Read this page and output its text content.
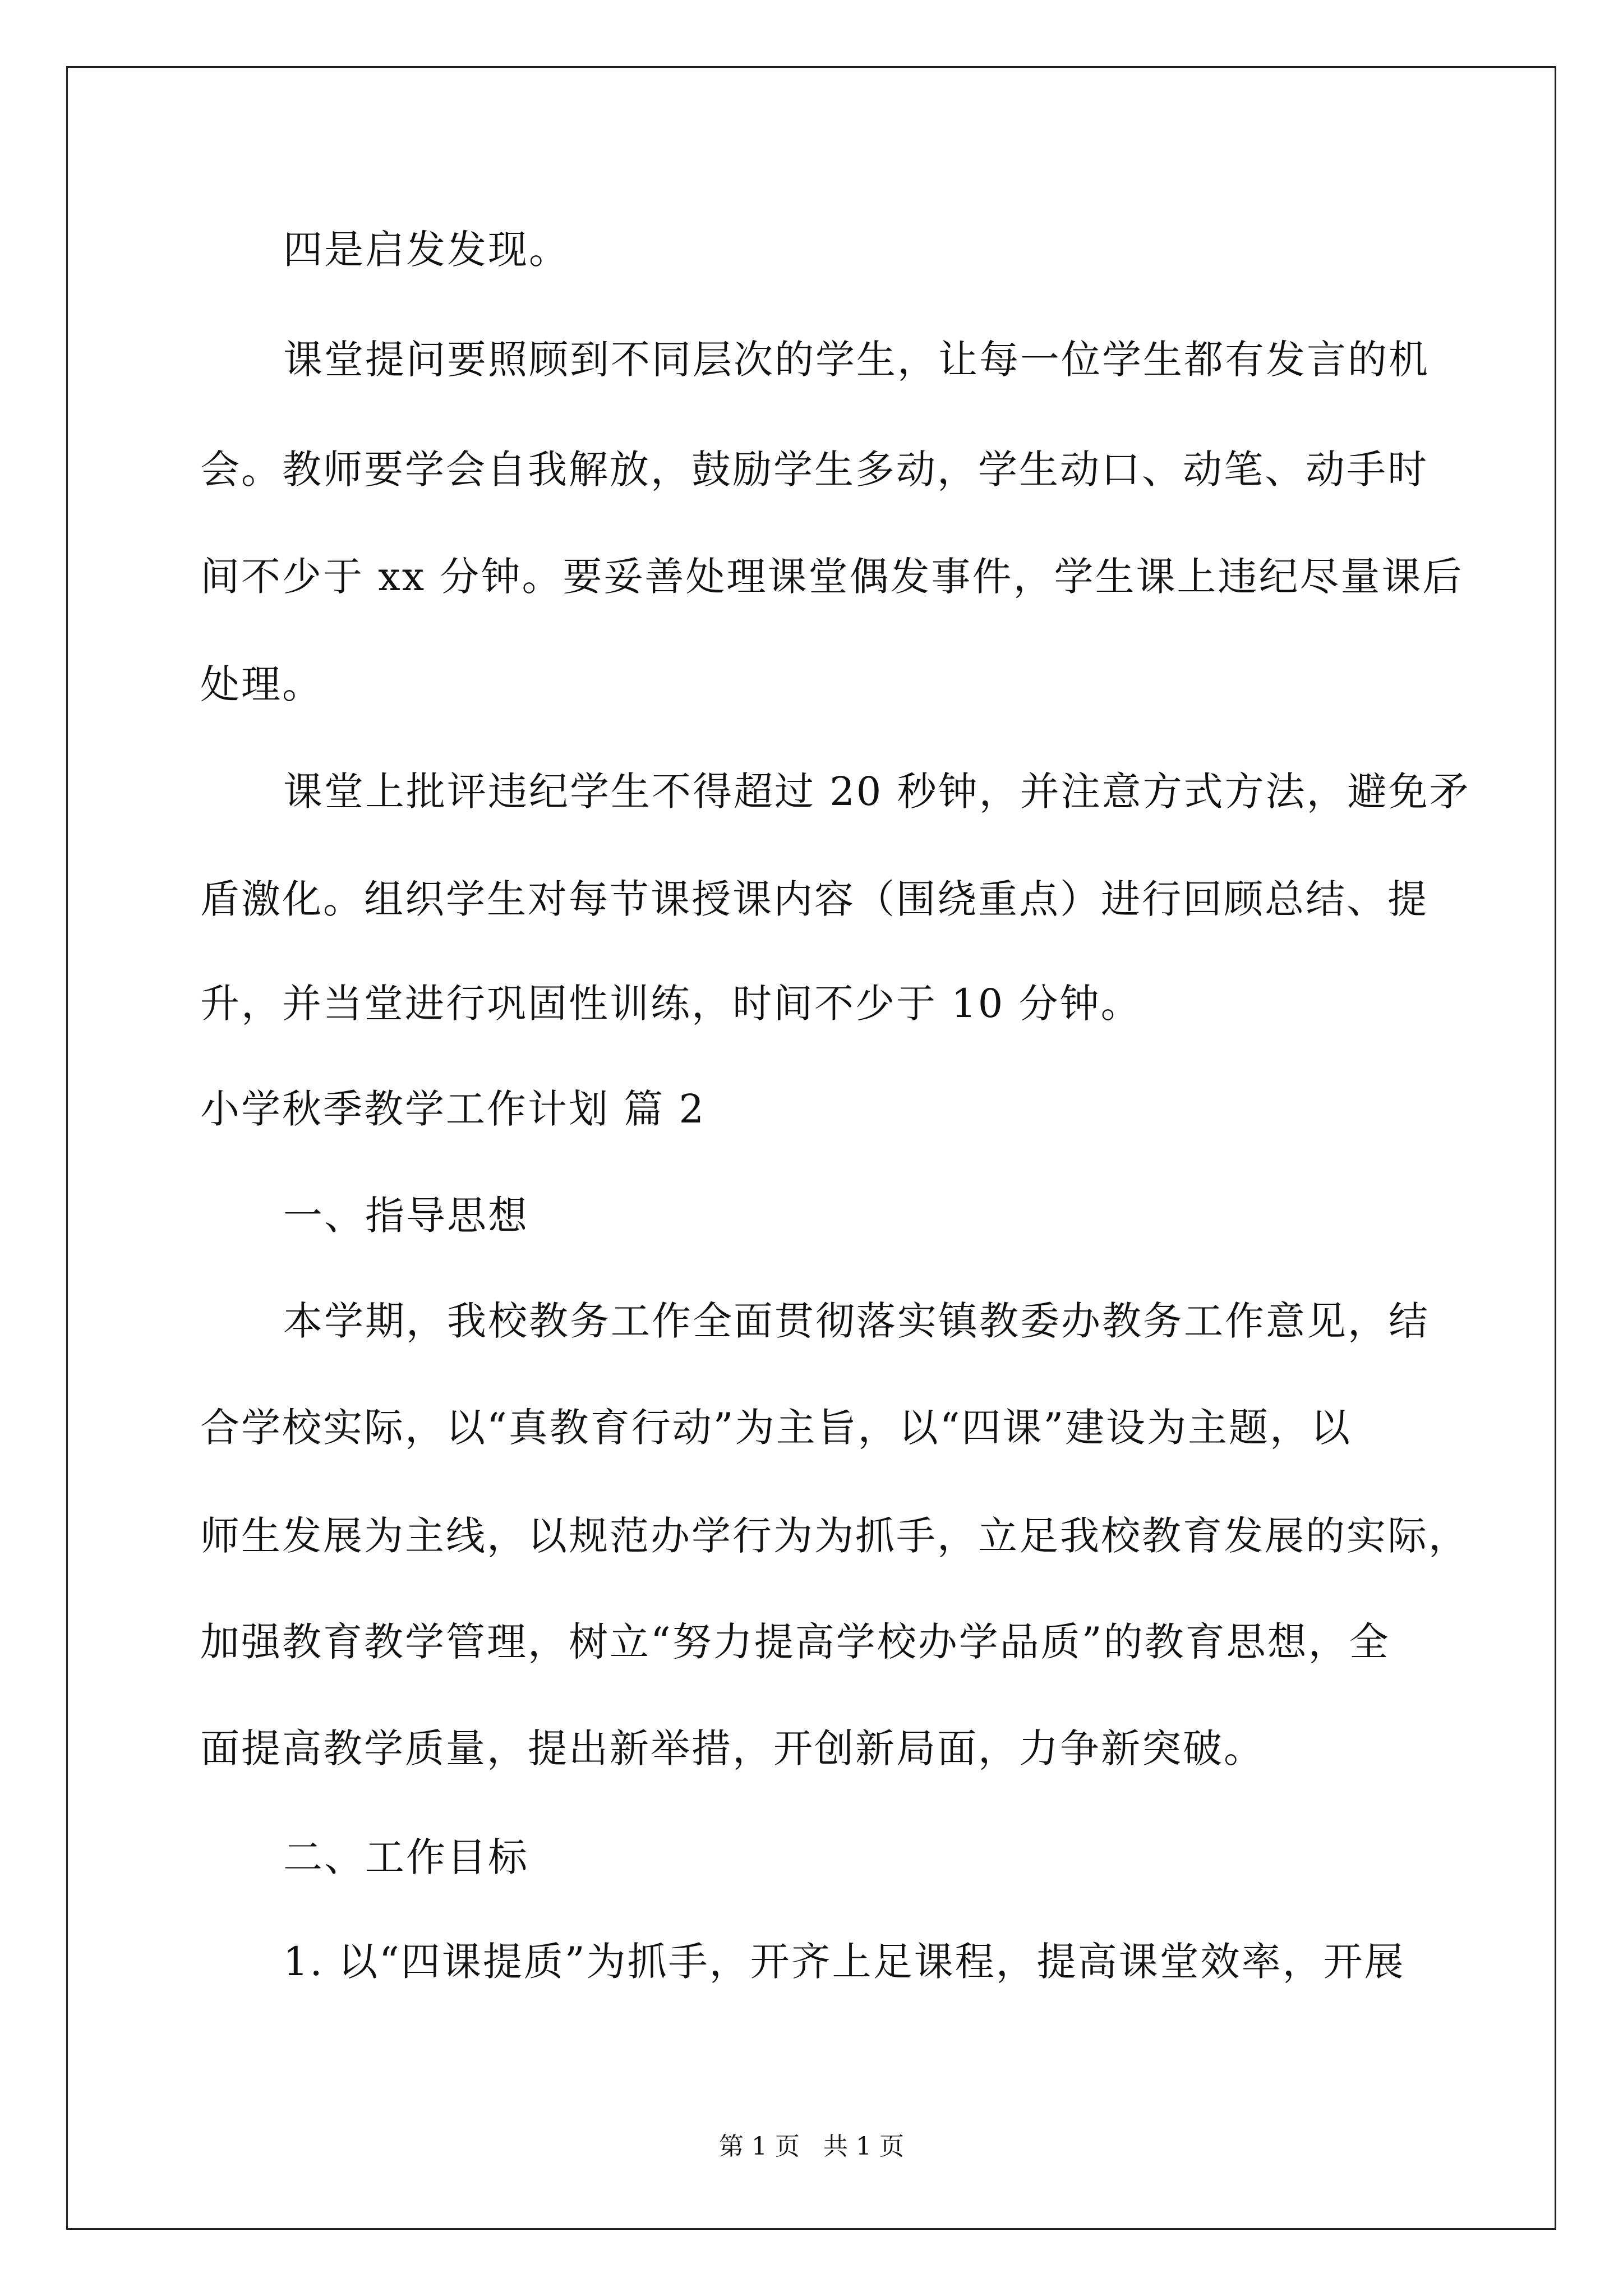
四是启发发现。
课堂提问要照顾到不同层次的学生，让每一位学生都有发言的机
会。教师要学会自我解放，鼓励学生多动，学生动口、动笔、动手时
间不少于 xx 分钟。要妥善处理课堂偶发事件，学生课上违纪尽量课后
处理。
课堂上批评违纪学生不得超过 20 秒钟，并注意方式方法，避免矛
盾激化。组织学生对每节课授课内容（围绕重点）进行回顾总结、提
升，并当堂进行巩固性训练，时间不少于 10 分钟。
小学秋季教学工作计划 篇 2
一、指导思想
本学期，我校教务工作全面贯彻落实镇教委办教务工作意见，结
合学校实际，以“真教育行动”为主旨，以“四课”建设为主题，以
师生发展为主线，以规范办学行为为抓手，立足我校教育发展的实际，
加强教育教学管理，树立“努力提高学校办学品质”的教育思想，全
面提高教学质量，提出新举措，开创新局面，力争新突破。
二、工作目标
1. 以“四课提质”为抓手，开齐上足课程，提高课堂效率，开展
第 1 页   共 1 页
